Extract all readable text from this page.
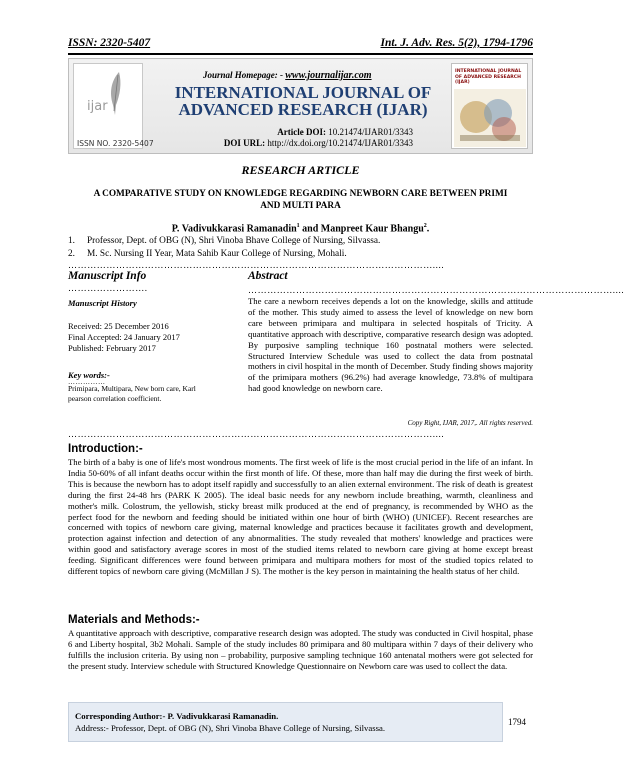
ISSN: 2320-5407	Int. J. Adv. Res. 5(2), 1794-1796
ijar
ISSN NO. 2320-5407
Journal Homepage: - www.journalijar.com
INTERNATIONAL JOURNAL OF
ADVANCED RESEARCH (IJAR)
Article DOI: 10.21474/IJAR01/3343
DOI URL: http://dx.doi.org/10.21474/IJAR01/3343
INTERNATIONAL JOURNAL OF ADVANCED RESEARCH (IJAR)
RESEARCH ARTICLE
A COMPARATIVE STUDY ON KNOWLEDGE REGARDING NEWBORN CARE BETWEEN PRIMI
AND MULTI PARA
P. Vadivukkarasi Ramanadin$^1$ and Manpreet Kaur Bhangu$^2$.
1.	Professor, Dept. of OBG (N), Shri Vinoba Bhave College of Nursing, Silvassa.
2.	M. Sc. Nursing II Year, Mata Sahib Kaur College of Nursing, Mohali.
……………………………………………………………………………………………………....
Manuscript Info	Abstract
…………………….	……………………………………………………………………………………………………....
Manuscript History
Received: 25 December 2016
Final Accepted: 24 January 2017
Published: February 2017
Key words:-
……………
Primipara, Multipara, New born care, Karl pearson correlation coefficient.
The care a newborn receives depends a lot on the knowledge, skills and attitude of the mother. This study aimed to assess the level of knowledge on new born care between primipara and multipara in selected hospitals of Tricity. A quantitative approach with descriptive, comparative research design was adopted. By purposive sampling technique 160 postnatal mothers were selected. Structured Interview Schedule was used to collect the data from postnatal mothers in civil hospital in the month of December. Study finding shows majority of the primipara mothers (96.2%) had average knowledge, 73.8% of multipara had good knowledge on newborn care.
Copy Right, IJAR, 2017,. All rights reserved.
……………………………………………………………………………………………………....
Introduction:-
The birth of a baby is one of life's most wondrous moments. The first week of life is the most crucial period in the life of an infant. In India 50-60% of all infant deaths occur within the first month of life. Of these, more than half may die during the first week of birth. This is because the newborn has to adopt itself rapidly and successfully to an alien external environment. The risk of death is greatest during the first 24-48 hrs (PARK K 2005). The ideal basic needs for any newborn include breathing, warmth, cleanliness and mother's milk. Colostrum, the yellowish, sticky breast milk produced at the end of pregnancy, is recommended by WHO as the perfect food for the newborn and feeding should be initiated within one hour of birth (WHO) (UNICEF). Recent researches are concerned with topics of newborn care giving, maternal knowledge and practices because it facilitates growth and development, protection against infection and detection of any abnormalities. The study revealed that mothers' knowledge and practices were within good and satisfactory average scores in most of the studied items related to newborn care giving at home except breast feeding. Significant differences were found between primipara and multipara mothers for most of the studied topics related to different topics of newborn care giving (McMillan J S). The mother is the key person in maintaining the health status of her child.
Materials and Methods:-
A quantitative approach with descriptive, comparative research design was adopted. The study was conducted in Civil hospital, phase 6 and Liberty hospital, 3b2 Mohali. Sample of the study includes 80 primipara and 80 multipara within 7 days of their delivery who fulfills the inclusion criteria. By using non – probability, purposive sampling technique 160 antenatal mothers were got selected for the present study. Interview schedule with Structured Knowledge Questionnaire on Newborn care was used to collect the data.
Corresponding Author:- P. Vadivukkarasi Ramanadin.
Address:- Professor, Dept. of OBG (N), Shri Vinoba Bhave College of Nursing, Silvassa.
1794
